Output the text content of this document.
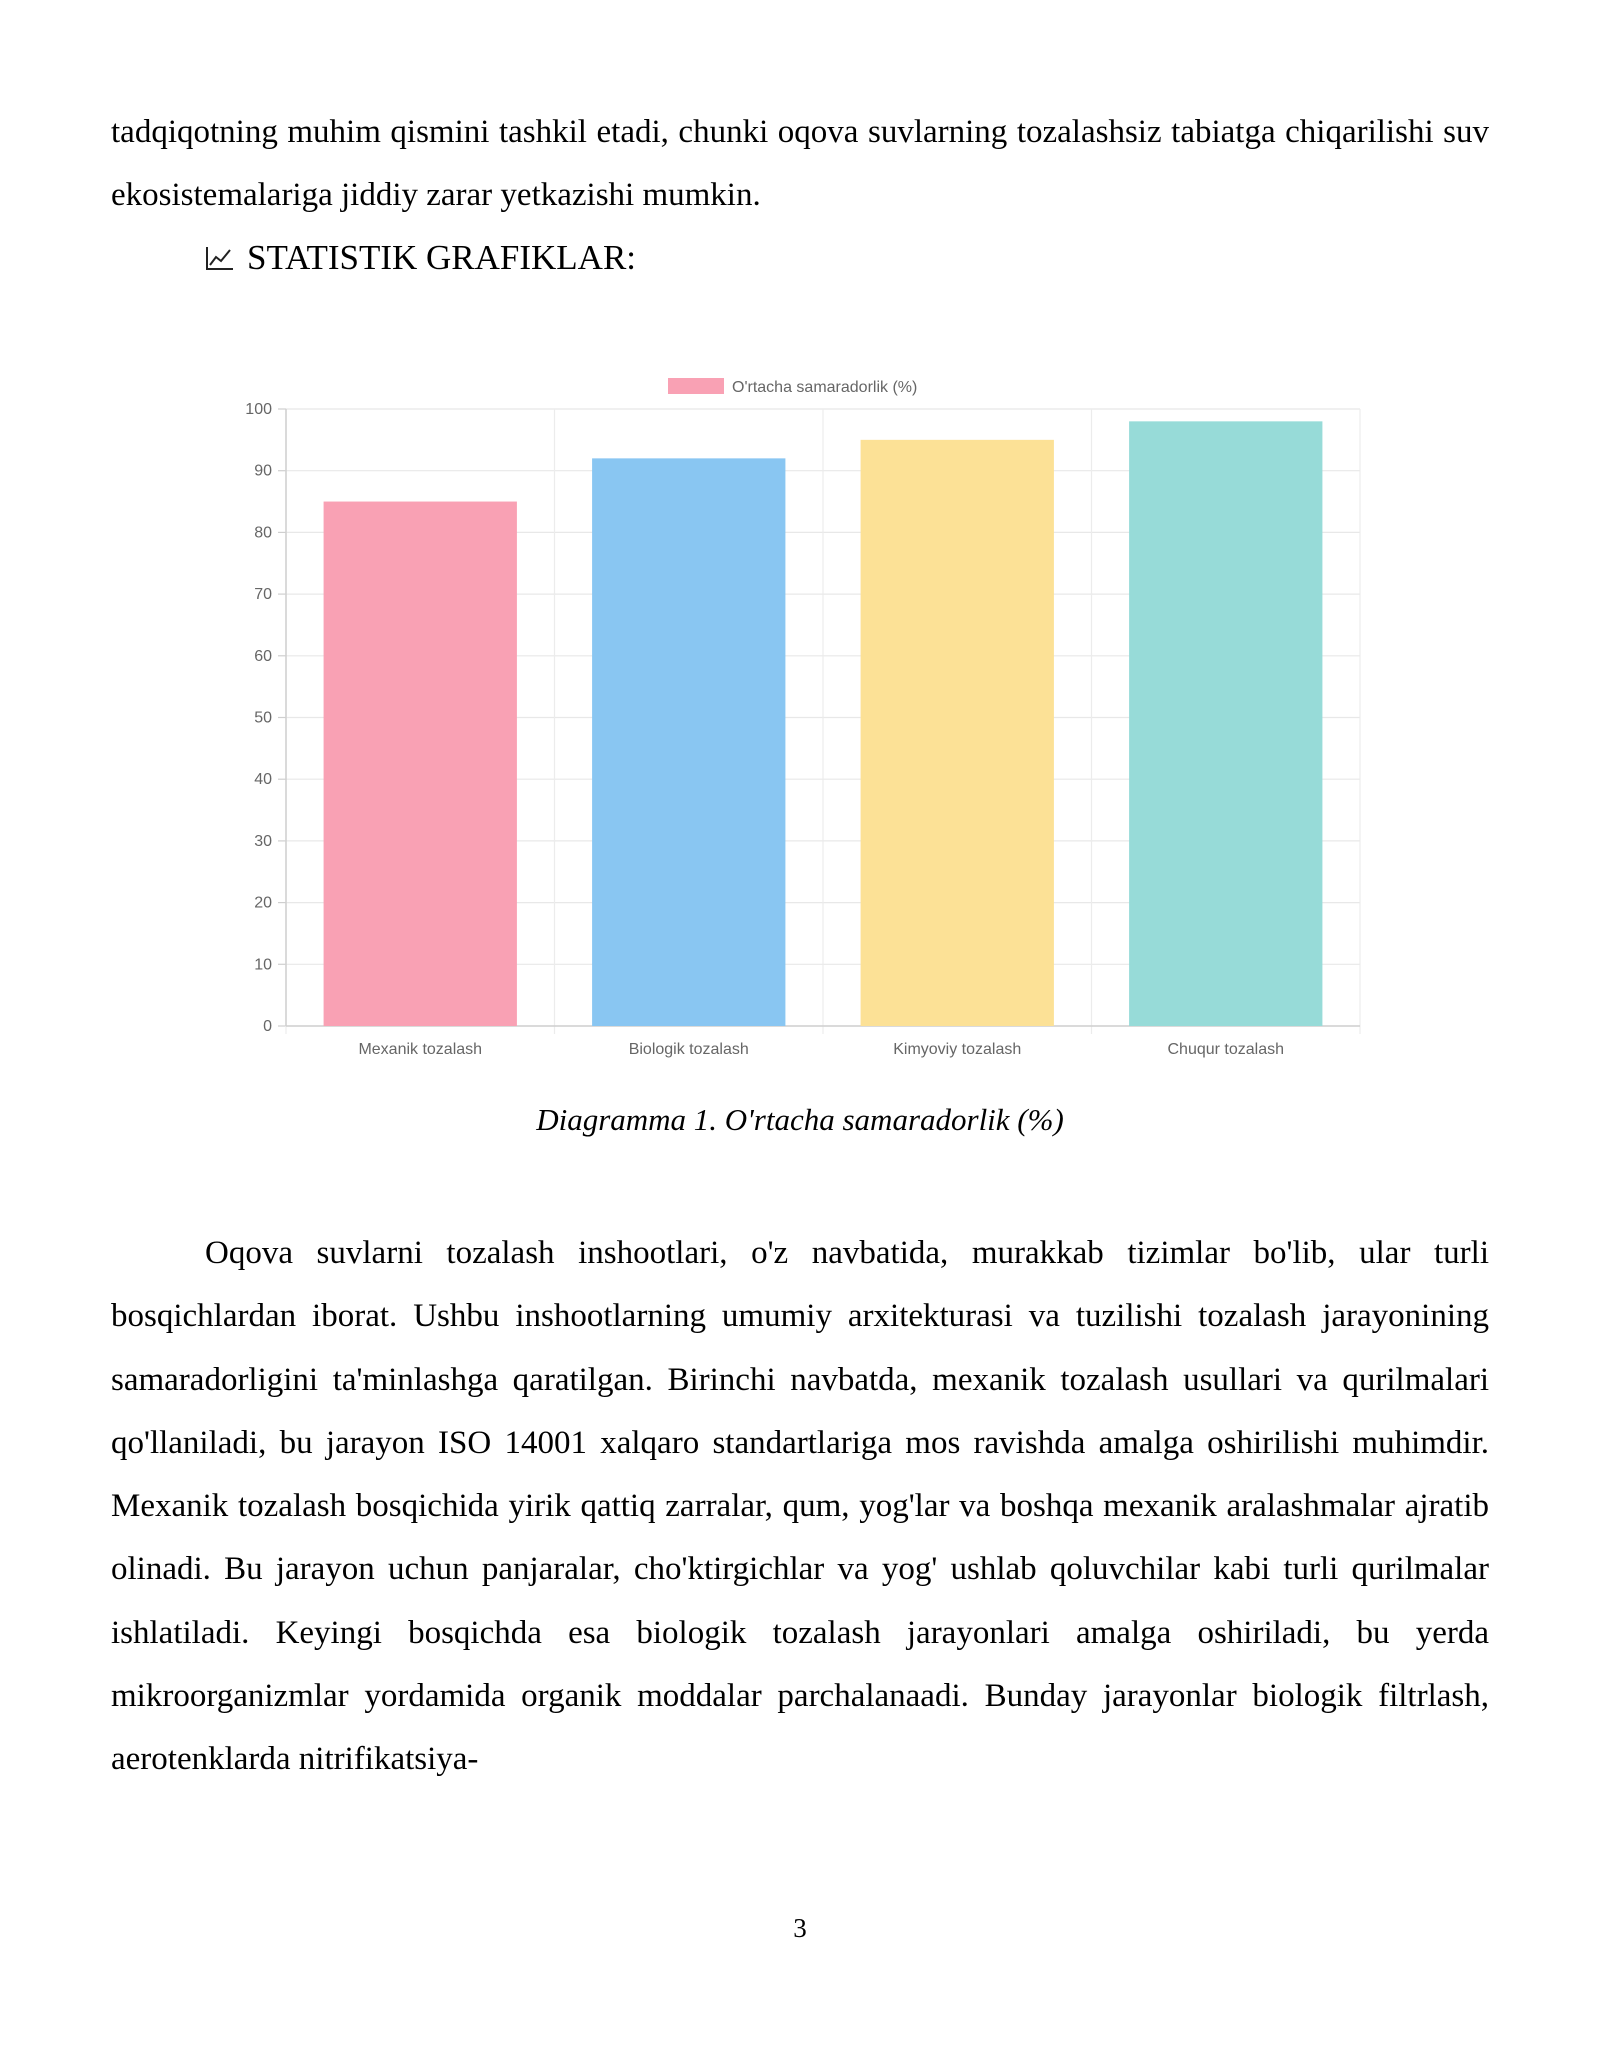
tadqiqotning muhim qismini tashkil etadi, chunki oqova suvlarning tozalashsiz tabiatga chiqarilishi suv ekosistemalariga jiddiy zarar yetkazishi mumkin.

STATISTIK GRAFIKLAR:
0
10
20
30
40
50
60
70
80
90
100
Mexanik tozalash	Biologik tozalash	Kimyoviy tozalash	Chuqur tozalash
O'rtacha samaradorlik (%)

Diagramma 1. O'rtacha samaradorlik (%)

Oqova suvlarni tozalash inshootlari, o'z navbatida, murakkab tizimlar bo'lib, ular turli bosqichlardan iborat. Ushbu inshootlarning umumiy arxitekturasi va tuzilishi tozalash jarayonining samaradorligini ta'minlashga qaratilgan. Birinchi navbatda, mexanik tozalash usullari va qurilmalari qo'llaniladi, bu jarayon ISO 14001 xalqaro standartlariga mos ravishda amalga oshirilishi muhimdir. Mexanik tozalash bosqichida yirik qattiq zarralar, qum, yog'lar va boshqa mexanik aralashmalar ajratib olinadi. Bu jarayon uchun panjaralar, cho'ktirgichlar va yog' ushlab qoluvchilar kabi turli qurilmalar ishlatiladi. Keyingi bosqichda esa biologik tozalash jarayonlari amalga oshiriladi, bu yerda mikroorganizmlar yordamida organik moddalar parchalanaadi. Bunday jarayonlar biologik filtrlash, aerotenklarda nitrifikatsiya-

3
